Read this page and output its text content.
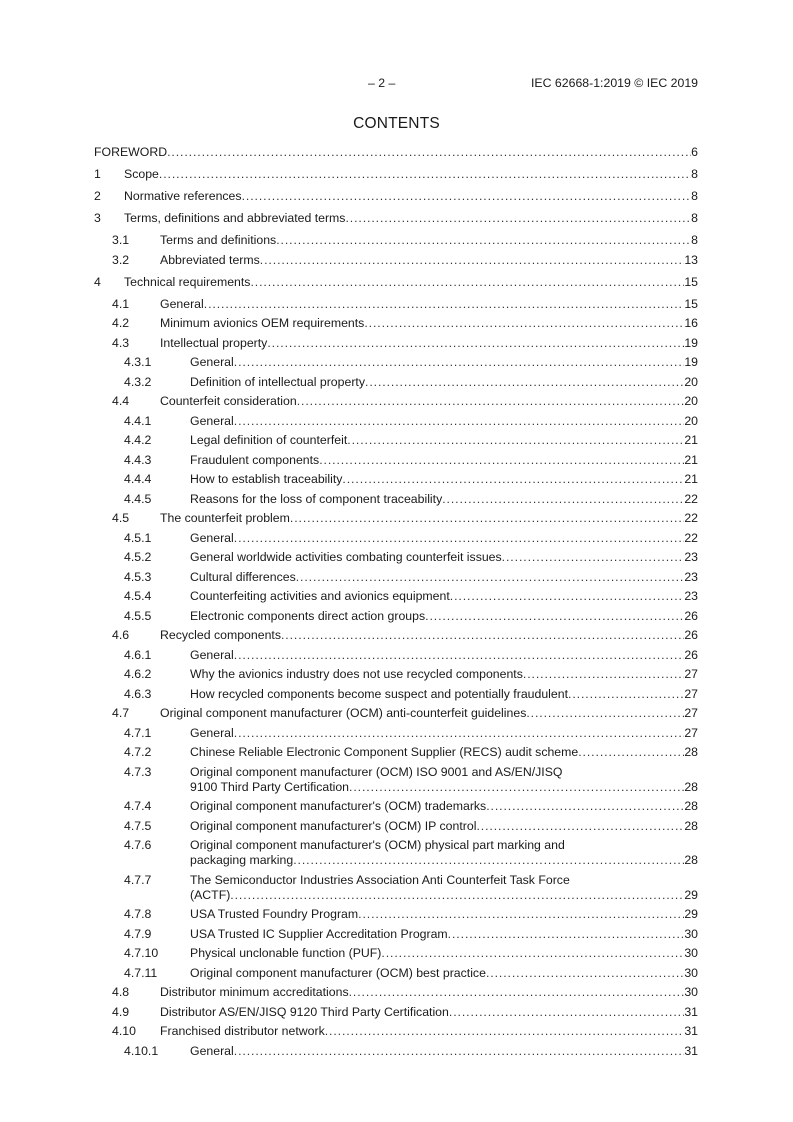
– 2 –	IEC 62668-1:2019 © IEC 2019
CONTENTS
FOREWORD .....	6
1 Scope .....	8
2 Normative references .....	8
3 Terms, definitions and abbreviated terms .....	8
3.1	Terms and definitions .....	8
3.2	Abbreviated terms .....	13
4 Technical requirements .....	15
4.1	General .....	15
4.2	Minimum avionics OEM requirements .....	16
4.3	Intellectual property .....	19
4.3.1	General .....	19
4.3.2	Definition of intellectual property .....	20
4.4	Counterfeit consideration .....	20
4.4.1	General .....	20
4.4.2	Legal definition of counterfeit .....	21
4.4.3	Fraudulent components .....	21
4.4.4	How to establish traceability .....	21
4.4.5	Reasons for the loss of component traceability .....	22
4.5	The counterfeit problem .....	22
4.5.1	General .....	22
4.5.2	General worldwide activities combating counterfeit issues .....	23
4.5.3	Cultural differences .....	23
4.5.4	Counterfeiting activities and avionics equipment .....	23
4.5.5	Electronic components direct action groups .....	26
4.6	Recycled components .....	26
4.6.1	General .....	26
4.6.2	Why the avionics industry does not use recycled components .....	27
4.6.3	How recycled components become suspect and potentially fraudulent .....	27
4.7	Original component manufacturer (OCM) anti-counterfeit guidelines .....	27
4.7.1	General .....	27
4.7.2	Chinese Reliable Electronic Component Supplier (RECS) audit scheme .....	28
4.7.3	Original component manufacturer (OCM) ISO 9001 and AS/EN/JISQ
9100 Third Party Certification .....	28
4.7.4	Original component manufacturer's (OCM) trademarks .....	28
4.7.5	Original component manufacturer's (OCM) IP control .....	28
4.7.6	Original component manufacturer's (OCM) physical part marking and
packaging marking .....	28
4.7.7	The Semiconductor Industries Association Anti Counterfeit Task Force
(ACTF) .....	29
4.7.8	USA Trusted Foundry Program .....	29
4.7.9	USA Trusted IC Supplier Accreditation Program .....	30
4.7.10	Physical unclonable function (PUF) .....	30
4.7.11	Original component manufacturer (OCM) best practice .....	30
4.8	Distributor minimum accreditations .....	30
4.9	Distributor AS/EN/JISQ 9120 Third Party Certification .....	31
4.10 Franchised distributor network .....	31
4.10.1	General .....	31
